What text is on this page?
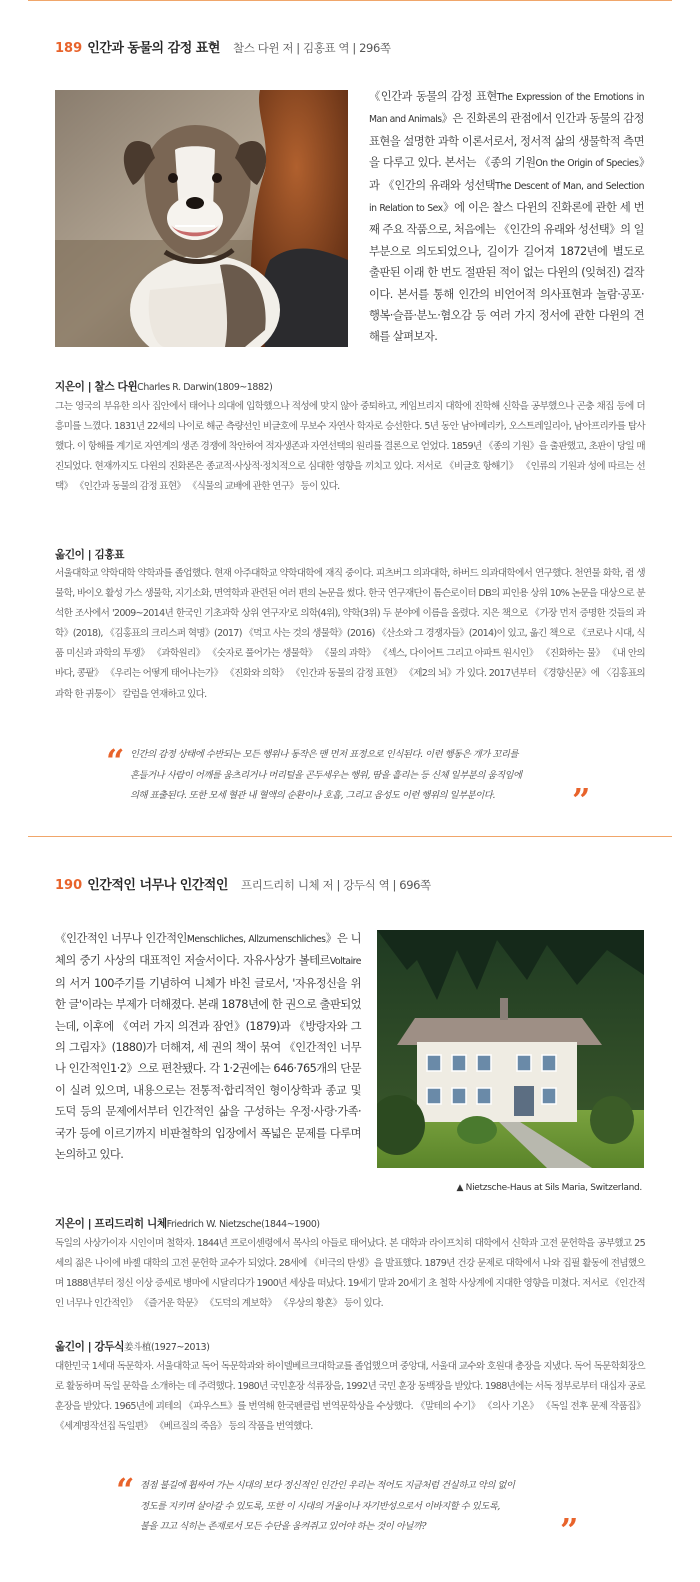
189 인간과 동물의 감정 표현 찰스 다윈 저 | 김홍표 역 | 296쪽
《인간과 동물의 감정 표현The Expression of the Emotions in Man and Animals》은 진화론의 관점에서 인간과 동물의 감정 표현을 설명한 과학 이론서로서, 정서적 삶의 생물학적 측면을 다루고 있다. 본서는 《종의 기원On the Origin of Species》과 《인간의 유래와 성선택The Descent of Man, and Selection in Relation to Sex》에 이은 찰스 다윈의 진화론에 관한 세 번째 주요 작품으로, 처음에는 《인간의 유래와 성선택》의 일부분으로 의도되었으나, 길이가 길어져 1872년에 별도로 출판된 이래 한 번도 절판된 적이 없는 다윈의 (잊혀진) 걸작이다. 본서를 통해 인간의 비언어적 의사표현과 놀람·공포·행복·슬픔·분노·혐오감 등 여러 가지 정서에 관한 다윈의 견해를 살펴보자.
지은이 | 찰스 다윈Charles R. Darwin(1809~1882)
그는 영국의 부유한 의사 집안에서 태어나 의대에 입학했으나 적성에 맞지 않아 중퇴하고, 케임브리지 대학에 진학해 신학을 공부했으나 곤충 채집 등에 더 흥미를 느꼈다. 1831년 22세의 나이로 해군 측량선인 비글호에 무보수 자연사 학자로 승선한다. 5년 동안 남아메리카, 오스트레일리아, 남아프리카를 탐사했다. 이 항해를 계기로 자연계의 생존 경쟁에 착안하여 적자생존과 자연선택의 원리를 결론으로 얻었다. 1859년 《종의 기원》을 출판했고, 초판이 당일 매진되었다. 현재까지도 다윈의 진화론은 종교적·사상적·정치적으로 심대한 영향을 끼치고 있다. 저서로 《비글호 항해기》 《인류의 기원과 성에 따르는 선택》 《인간과 동물의 감정 표현》 《식물의 교배에 관한 연구》 등이 있다.
옮긴이 | 김홍표
서울대학교 약학대학 약학과를 졸업했다. 현재 아주대학교 약학대학에 재직 중이다. 피츠버그 의과대학, 하버드 의과대학에서 연구했다. 천연물 화학, 쥠 생물학, 바이오 활성 가스 생물학, 지기소화, 면역학과 관련된 여러 편의 논문을 썼다. 한국 연구재단이 톰슨로이터 DB의 피인용 상위 10% 논문을 대상으로 분석한 조사에서 '2009~2014년 한국인 기초과학 상위 연구자'로 의학(4위), 약학(3위) 두 분야에 이름을 올렸다. 지은 책으로 《가장 먼저 증명한 것들의 과학》(2018), 《김홍표의 크리스퍼 혁명》(2017) 《먹고 사는 것의 생물학》(2016) 《산소와 그 경쟁자들》(2014)이 있고, 옮긴 책으로 《코로나 시대, 식품 미신과 과학의 투쟁》 《과학원리》 《숫자로 풀어가는 생물학》 《물의 과학》 《섹스, 다이어트 그리고 아파트 원시인》 《진화하는 물》 《내 안의 바다, 콩팥》 《우리는 어떻게 태어나는가》 《진화와 의학》 《인간과 동물의 감정 표현》 《제2의 뇌》가 있다. 2017년부터 《경향신문》에 〈김홍표의 과학 한 귀퉁이〉 칼럼을 연재하고 있다.
“ 인간의 감정 상태에 수반되는 모든 행위나 동작은 맨 먼저 표정으로 인식된다. 이런 행동은 개가 꼬리를
흔들거나 사람이 어깨를 움츠리거나 머리털을 곤두세우는 행위, 땀을 흘리는 등 신체 일부분의 움직임에
의해 표출된다. 또한 모세 혈관 내 혈액의 순환이나 호흡, 그리고 음성도 이런 행위의 일부분이다.	”
190 인간적인 너무나 인간적인 프리드리히 니체 저 | 강두식 역 | 696쪽
《인간적인 너무나 인간적인Menschliches, Allzumenschliches》은 니체의 중기 사상의 대표적인 저술서이다. 자유사상가 볼테르Voltaire의 서거 100주기를 기념하여 니체가 바친 글로서, '자유정신을 위한 글'이라는 부제가 더해졌다. 본래 1878년에 한 권으로 출판되었는데, 이후에 《여러 가지 의견과 잠언》(1879)과 《방랑자와 그의 그림자》(1880)가 더해져, 세 권의 책이 묶여 《인간적인 너무나 인간적인1·2》으로 편찬됐다. 각 1·2권에는 646·765개의 단문이 실려 있으며, 내용으로는 전통적·합리적인 형이상학과 종교 및 도덕 등의 문제에서부터 인간적인 삶을 구성하는 우정·사랑·가족·국가 등에 이르기까지 비판철학의 입장에서 폭넓은 문제를 다루며 논의하고 있다.
▲ Nietzsche-Haus at Sils Maria, Switzerland.
지은이 | 프리드리히 니체Friedrich W. Nietzsche(1844~1900)
독일의 사상가이자 시인이며 철학자. 1844년 프로이센령에서 목사의 아들로 태어났다. 본 대학과 라이프치히 대학에서 신학과 고전 문헌학을 공부했고 25세의 젊은 나이에 바젤 대학의 고전 문헌학 교수가 되었다. 28세에 《비극의 탄생》을 발표했다. 1879년 건강 문제로 대학에서 나와 집필 활동에 전념했으며 1888년부터 정신 이상 증세로 병마에 시달리다가 1900년 세상을 떠났다. 19세기 말과 20세기 초 철학 사상계에 지대한 영향을 미쳤다. 저서로 《인간적인 너무나 인간적인》 《즐거운 학문》 《도덕의 계보학》 《우상의 황혼》 등이 있다.
옮긴이 | 강두식姜斗植(1927~2013)
대한민국 1세대 독문학자. 서울대학교 독어 독문학과와 하이델베르크대학교를 졸업했으며 중앙대, 서울대 교수와 호원대 총장을 지냈다. 독어 독문학회장으로 활동하며 독일 문학을 소개하는 데 주력했다. 1980년 국민훈장 석류장을, 1992년 국민 훈장 동백장을 받았다. 1988년에는 서독 정부로부터 대십자 공로 훈장을 받았다. 1965년에 괴테의 《파우스트》를 번역해 한국펜클럽 번역문학상을 수상했다. 《말테의 수기》 《의사 기온》 《독일 전후 문제 작품집》 《세계명작선집 독일편》 《베르질의 죽음》 등의 작품을 번역했다.
“ 점점 불길에 휩싸여 가는 시대의 보다 정신적인 인간인 우리는 적어도 지금처럼 건실하고 악의 없이
정도를 지키며 살아갈 수 있도록, 또한 이 시대의 거울이나 자기반성으로서 이바지할 수 있도록,
불을 끄고 식히는 존재로서 모든 수단을 움켜쥐고 있어야 하는 것이 아닐까?	”
